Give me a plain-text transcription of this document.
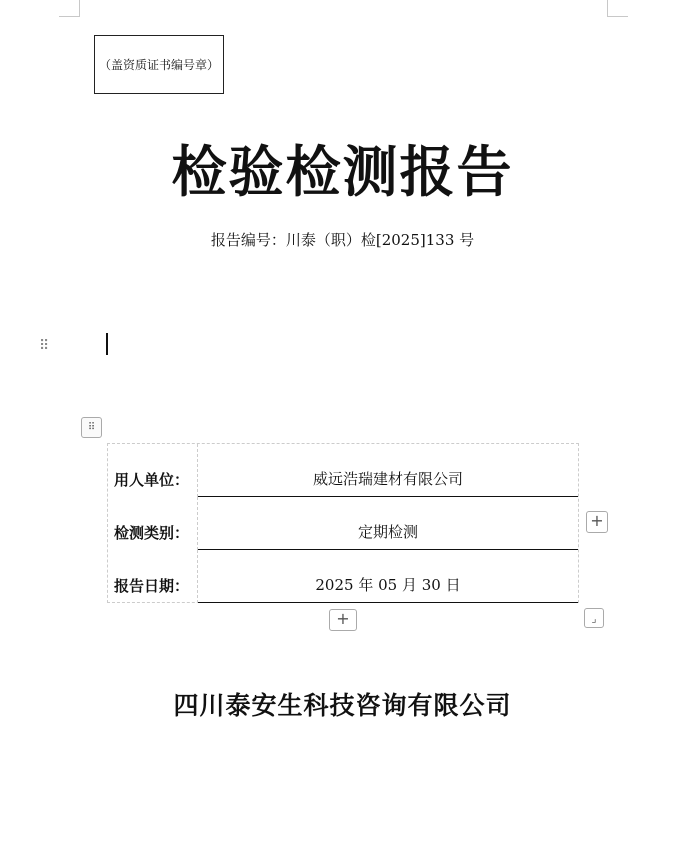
（盖资质证书编号章）
检验检测报告
报告编号：川泰（职）检[2025]133 号
⠿
⠿
用人单位：	威远浩瑞建材有限公司
检测类别：	定期检测
报告日期：	2025 年 05 月 30 日
+
+	⌟
四川泰安生科技咨询有限公司
